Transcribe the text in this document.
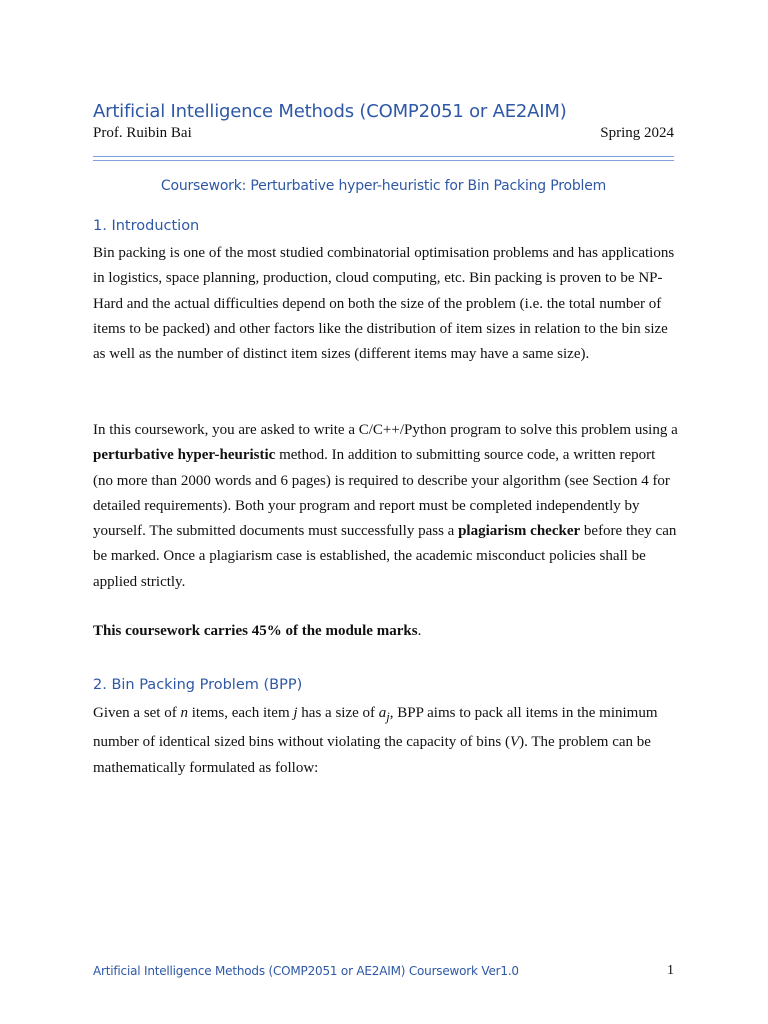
Artificial Intelligence Methods (COMP2051 or AE2AIM)
Prof. Ruibin Bai	Spring 2024
Coursework: Perturbative hyper-heuristic for Bin Packing Problem
1. Introduction
Bin packing is one of the most studied combinatorial optimisation problems and has applications in logistics, space planning, production, cloud computing, etc. Bin packing is proven to be NP-Hard and the actual difficulties depend on both the size of the problem (i.e. the total number of items to be packed) and other factors like the distribution of item sizes in relation to the bin size as well as the number of distinct item sizes (different items may have a same size).
In this coursework, you are asked to write a C/C++/Python program to solve this problem using a perturbative hyper-heuristic method. In addition to submitting source code, a written report (no more than 2000 words and 6 pages) is required to describe your algorithm (see Section 4 for detailed requirements). Both your program and report must be completed independently by yourself. The submitted documents must successfully pass a plagiarism checker before they can be marked. Once a plagiarism case is established, the academic misconduct policies shall be applied strictly.
This coursework carries 45% of the module marks.
2. Bin Packing Problem (BPP)
Given a set of n items, each item j has a size of $a_j$, BPP aims to pack all items in the minimum number of identical sized bins without violating the capacity of bins (V). The problem can be mathematically formulated as follow:
Artificial Intelligence Methods (COMP2051 or AE2AIM) Coursework Ver1.0	1
